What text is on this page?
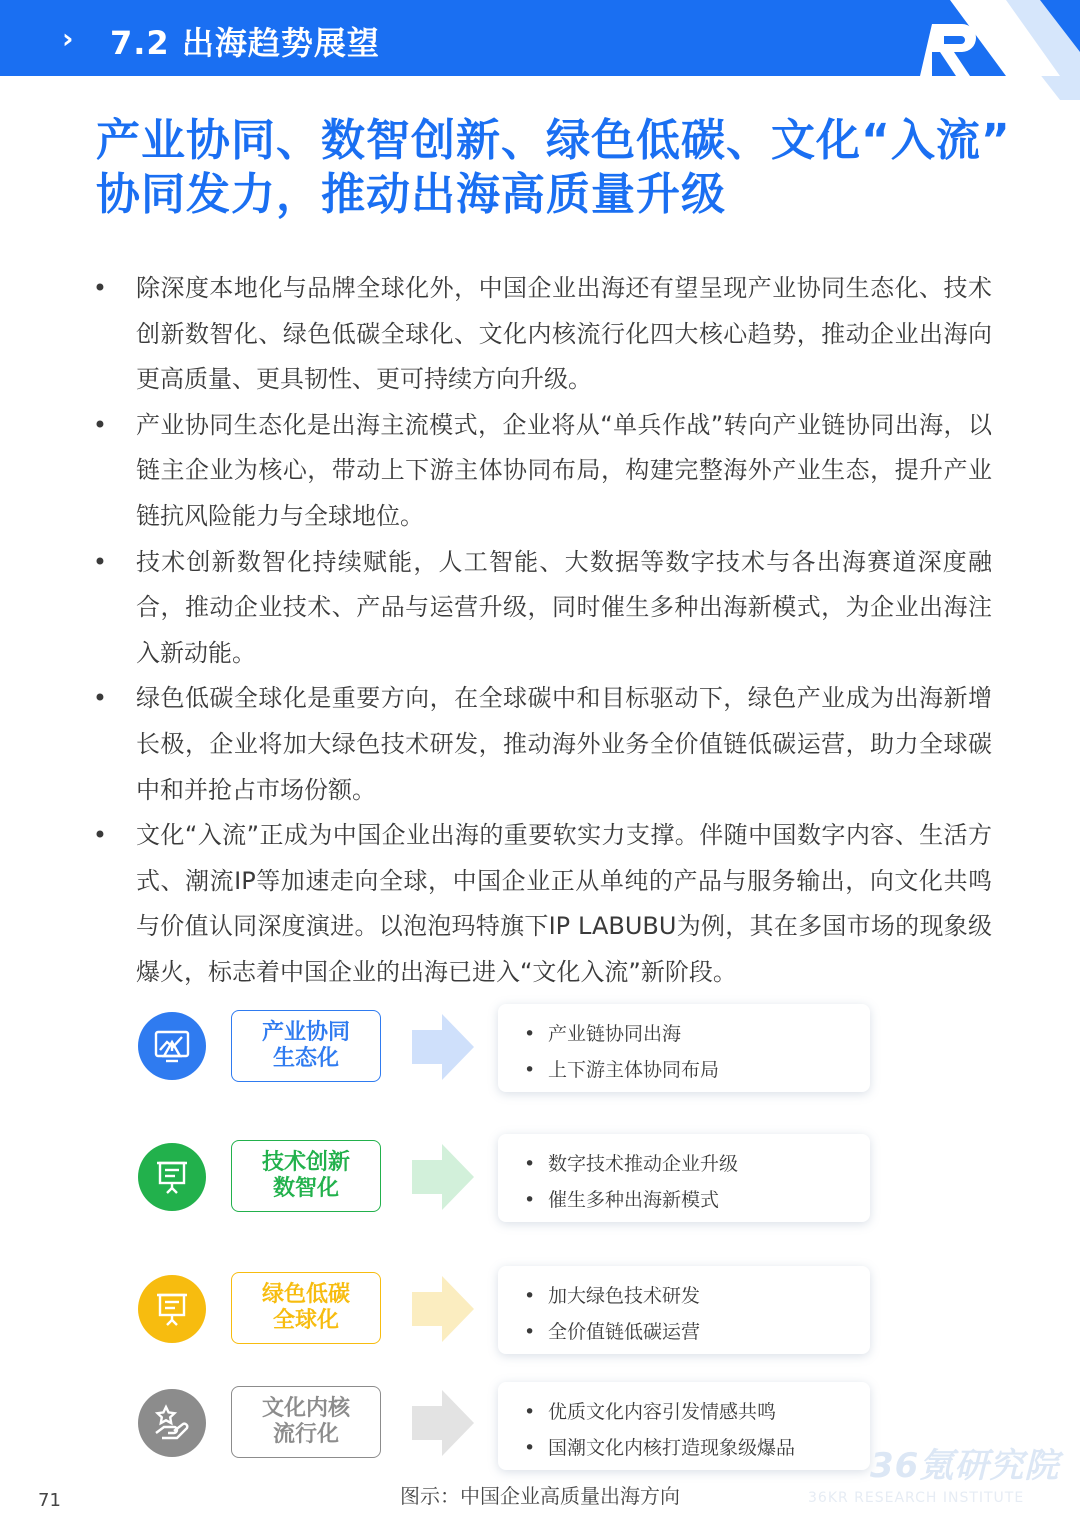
› 7.2 出海趋势展望
产业协同、数智创新、绿色低碳、文化“入流”
协同发力，推动出海高质量升级
• 除深度本地化与品牌全球化外，中国企业出海还有望呈现产业协同生态化、技术创新数智化、绿色低碳全球化、文化内核流行化四大核心趋势，推动企业出海向更高质量、更具韧性、更可持续方向升级。
• 产业协同生态化是出海主流模式，企业将从“单兵作战”转向产业链协同出海，以链主企业为核心，带动上下游主体协同布局，构建完整海外产业生态，提升产业链抗风险能力与全球地位。
• 技术创新数智化持续赋能，人工智能、大数据等数字技术与各出海赛道深度融合，推动企业技术、产品与运营升级，同时催生多种出海新模式，为企业出海注入新动能。
• 绿色低碳全球化是重要方向，在全球碳中和目标驱动下，绿色产业成为出海新增长极，企业将加大绿色技术研发，推动海外业务全价值链低碳运营，助力全球碳中和并抢占市场份额。
• 文化“入流”正成为中国企业出海的重要软实力支撑。伴随中国数字内容、生活方式、潮流IP等加速走向全球，中国企业正从单纯的产品与服务输出，向文化共鸣与价值认同深度演进。以泡泡玛特旗下IP LABUBU为例，其在多国市场的现象级爆火，标志着中国企业的出海已进入“文化入流”新阶段。
产业协同
生态化
• 产业链协同出海
• 上下游主体协同布局
技术创新
数智化
• 数字技术推动企业升级
• 催生多种出海新模式
绿色低碳
全球化
• 加大绿色技术研发
• 全价值链低碳运营
文化内核
流行化
• 优质文化内容引发情感共鸣
• 国潮文化内核打造现象级爆品	36氪研究院
36KR RESEARCH INSTITUTE
图示：中国企业高质量出海方向
71
